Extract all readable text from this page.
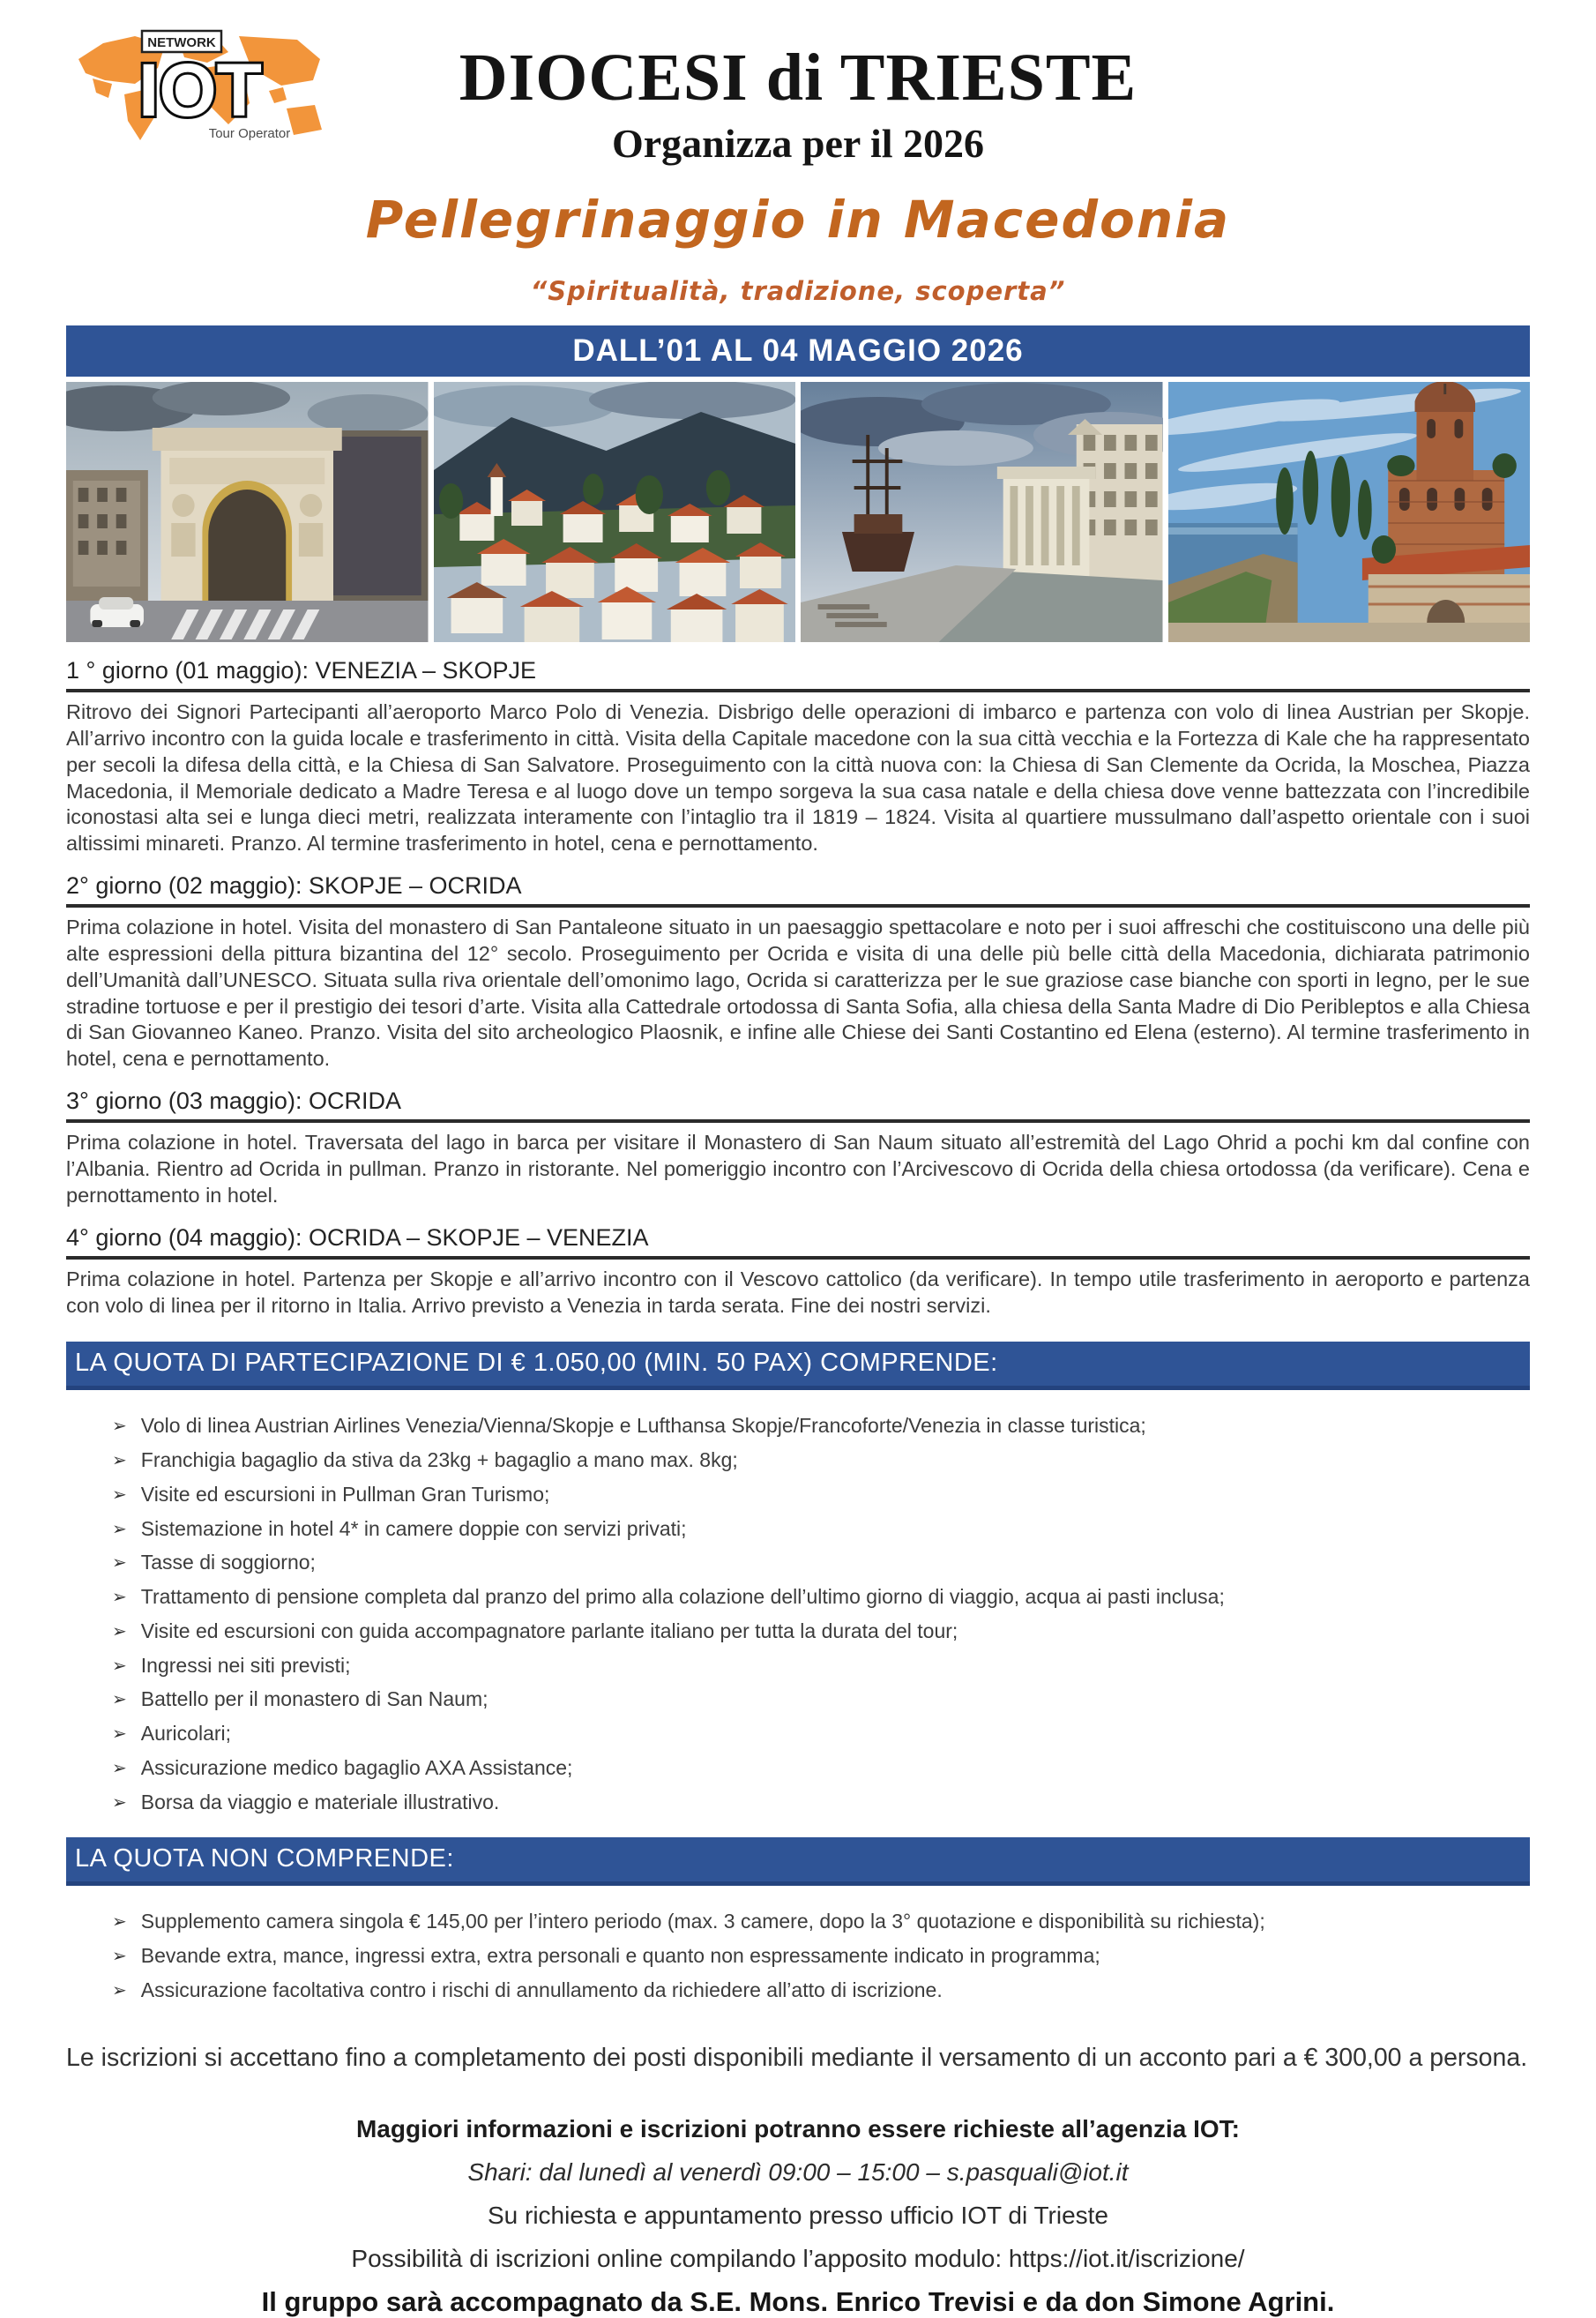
NETWORK
IOT
Tour Operator
DIOCESI di TRIESTE
Organizza per il 2026
Pellegrinaggio in Macedonia
“Spiritualità, tradizione, scoperta”
DALL’01 AL 04 MAGGIO 2026
1 ° giorno (01 maggio): VENEZIA – SKOPJE

Ritrovo dei Signori Partecipanti all’aeroporto Marco Polo di Venezia. Disbrigo delle operazioni di imbarco e partenza con volo di linea Austrian per Skopje. All’arrivo incontro con la guida locale e trasferimento in città. Visita della Capitale macedone con la sua città vecchia e la Fortezza di Kale che ha rappresentato per secoli la difesa della città, e la Chiesa di San Salvatore. Proseguimento con la città nuova con: la Chiesa di San Clemente da Ocrida, la Moschea, Piazza Macedonia, il Memoriale dedicato a Madre Teresa e al luogo dove un tempo sorgeva la sua casa natale e della chiesa dove venne battezzata con l’incredibile iconostasi alta sei e lunga dieci metri, realizzata interamente con l’intaglio tra il 1819 – 1824. Visita al quartiere mussulmano dall’aspetto orientale con i suoi altissimi minareti. Pranzo. Al termine trasferimento in hotel, cena e pernottamento.

2° giorno (02 maggio): SKOPJE – OCRIDA

Prima colazione in hotel. Visita del monastero di San Pantaleone situato in un paesaggio spettacolare e noto per i suoi affreschi che costituiscono una delle più alte espressioni della pittura bizantina del 12° secolo. Proseguimento per Ocrida e visita di una delle più belle città della Macedonia, dichiarata patrimonio dell’Umanità dall’UNESCO. Situata sulla riva orientale dell’omonimo lago, Ocrida si caratterizza per le sue graziose case bianche con sporti in legno, per le sue stradine tortuose e per il prestigio dei tesori d’arte. Visita alla Cattedrale ortodossa di Santa Sofia, alla chiesa della Santa Madre di Dio Peribleptos e alla Chiesa di San Giovanneo Kaneo. Pranzo. Visita del sito archeologico Plaosnik, e infine alle Chiese dei Santi Costantino ed Elena (esterno). Al termine trasferimento in hotel, cena e pernottamento.

3° giorno (03 maggio): OCRIDA

Prima colazione in hotel. Traversata del lago in barca per visitare il Monastero di San Naum situato all’estremità del Lago Ohrid a pochi km dal confine con l’Albania. Rientro ad Ocrida in pullman. Pranzo in ristorante. Nel pomeriggio incontro con l’Arcivescovo di Ocrida della chiesa ortodossa (da verificare). Cena e pernottamento in hotel.

4° giorno (04 maggio): OCRIDA – SKOPJE – VENEZIA

Prima colazione in hotel. Partenza per Skopje e all’arrivo incontro con il Vescovo cattolico (da verificare). In tempo utile trasferimento in aeroporto e partenza con volo di linea per il ritorno in Italia. Arrivo previsto a Venezia in tarda serata. Fine dei nostri servizi.

LA QUOTA DI PARTECIPAZIONE DI € 1.050,00 (MIN. 50 PAX) COMPRENDE:
➢ Volo di linea Austrian Airlines Venezia/Vienna/Skopje e Lufthansa Skopje/Francoforte/Venezia in classe turistica;
➢ Franchigia bagaglio da stiva da 23kg + bagaglio a mano max. 8kg;
➢ Visite ed escursioni in Pullman Gran Turismo;
➢ Sistemazione in hotel 4* in camere doppie con servizi privati;
➢ Tasse di soggiorno;
➢ Trattamento di pensione completa dal pranzo del primo alla colazione dell’ultimo giorno di viaggio, acqua ai pasti inclusa;
➢ Visite ed escursioni con guida accompagnatore parlante italiano per tutta la durata del tour;
➢ Ingressi nei siti previsti;
➢ Battello per il monastero di San Naum;
➢ Auricolari;
➢ Assicurazione medico bagaglio AXA Assistance;
➢ Borsa da viaggio e materiale illustrativo.
LA QUOTA NON COMPRENDE:
➢ Supplemento camera singola € 145,00 per l’intero periodo (max. 3 camere, dopo la 3° quotazione e disponibilità su richiesta);
➢ Bevande extra, mance, ingressi extra, extra personali e quanto non espressamente indicato in programma;
➢ Assicurazione facoltativa contro i rischi di annullamento da richiedere all’atto di iscrizione.
Le iscrizioni si accettano fino a completamento dei posti disponibili mediante il versamento di un acconto pari a € 300,00 a persona.
Maggiori informazioni e iscrizioni potranno essere richieste all’agenzia IOT:
Shari: dal lunedì al venerdì 09:00 – 15:00 – s.pasquali@iot.it
Su richiesta e appuntamento presso ufficio IOT di Trieste
Possibilità di iscrizioni online compilando l’apposito modulo: https://iot.it/iscrizione/
Il gruppo sarà accompagnato da S.E. Mons. Enrico Trevisi e da don Simone Agrini.
